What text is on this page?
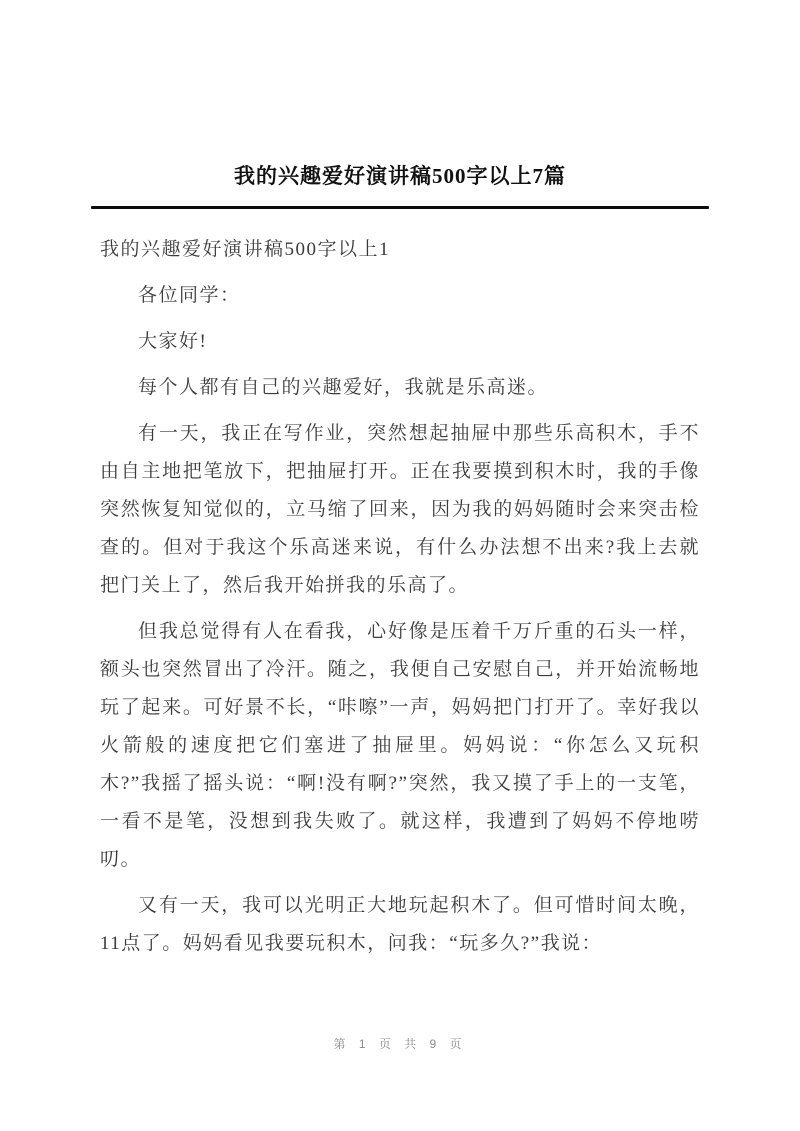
我的兴趣爱好演讲稿500字以上7篇

我的兴趣爱好演讲稿500字以上1

各位同学：

大家好!

每个人都有自己的兴趣爱好，我就是乐高迷。

有一天，我正在写作业，突然想起抽屉中那些乐高积木，手不由自主地把笔放下，把抽屉打开。正在我要摸到积木时，我的手像突然恢复知觉似的，立马缩了回来，因为我的妈妈随时会来突击检查的。但对于我这个乐高迷来说，有什么办法想不出来?我上去就把门关上了，然后我开始拼我的乐高了。

但我总觉得有人在看我，心好像是压着千万斤重的石头一样，额头也突然冒出了冷汗。随之，我便自己安慰自己，并开始流畅地玩了起来。可好景不长，“咔嚓”一声，妈妈把门打开了。幸好我以火箭般的速度把它们塞进了抽屉里。妈妈说：“你怎么又玩积木?”我摇了摇头说：“啊!没有啊?”突然，我又摸了手上的一支笔，一看不是笔，没想到我失败了。就这样，我遭到了妈妈不停地唠叨。

又有一天，我可以光明正大地玩起积木了。但可惜时间太晚，11点了。妈妈看见我要玩积木，问我：“玩多久?”我说：

第 1 页 共 9 页
